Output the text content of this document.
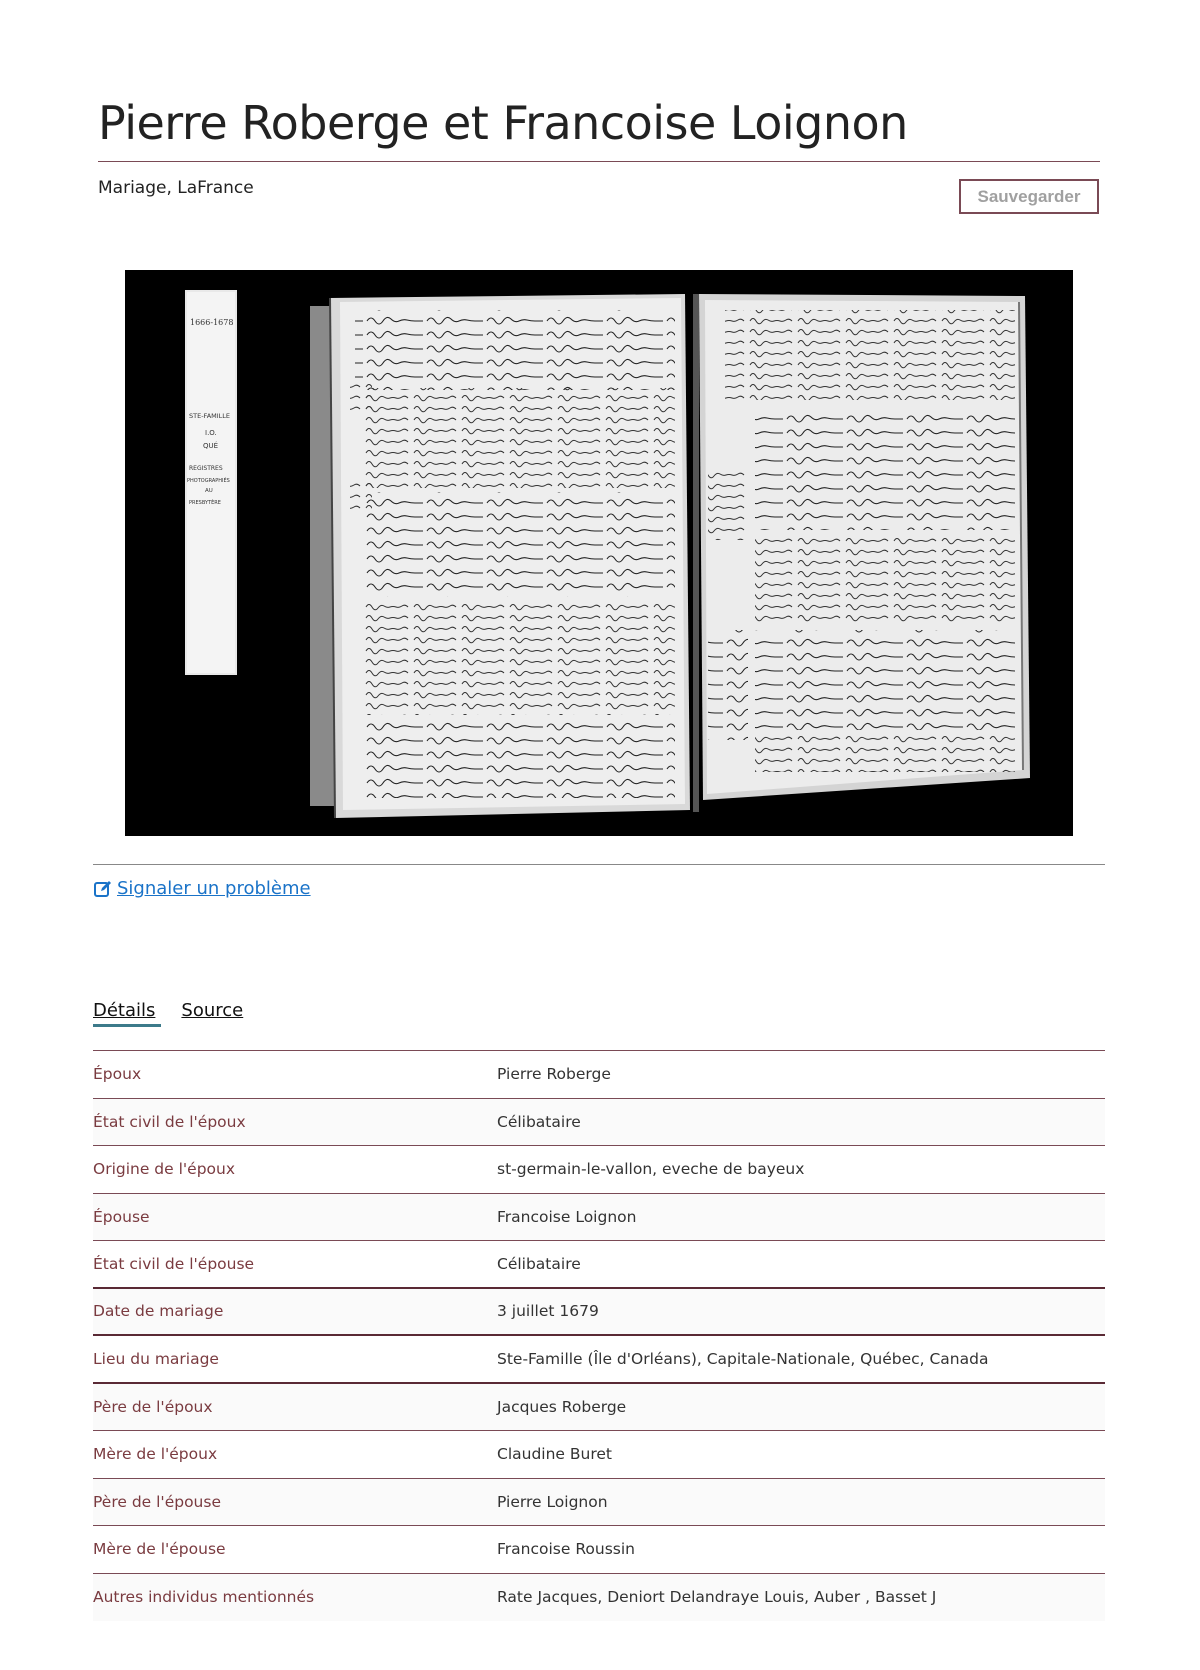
Pierre Roberge et Francoise Loignon
Mariage, LaFrance	Sauvegarder
1666-1678
STE-FAMILLE
I.O.
QUÉ
REGISTRES
PHOTOGRAPHIÉS
AU
PRESBYTÈRE
Signaler un problème
Détails Source
Époux	Pierre Roberge
État civil de l'époux	Célibataire
Origine de l'époux	st-germain-le-vallon, eveche de bayeux
Épouse	Francoise Loignon
État civil de l'épouse	Célibataire
Date de mariage	3 juillet 1679
Lieu du mariage	Ste-Famille (Île d'Orléans), Capitale-Nationale, Québec, Canada
Père de l'époux	Jacques Roberge
Mère de l'époux	Claudine Buret
Père de l'épouse	Pierre Loignon
Mère de l'épouse	Francoise Roussin
Autres individus mentionnés	Rate Jacques, Deniort Delandraye Louis, Auber , Basset J
